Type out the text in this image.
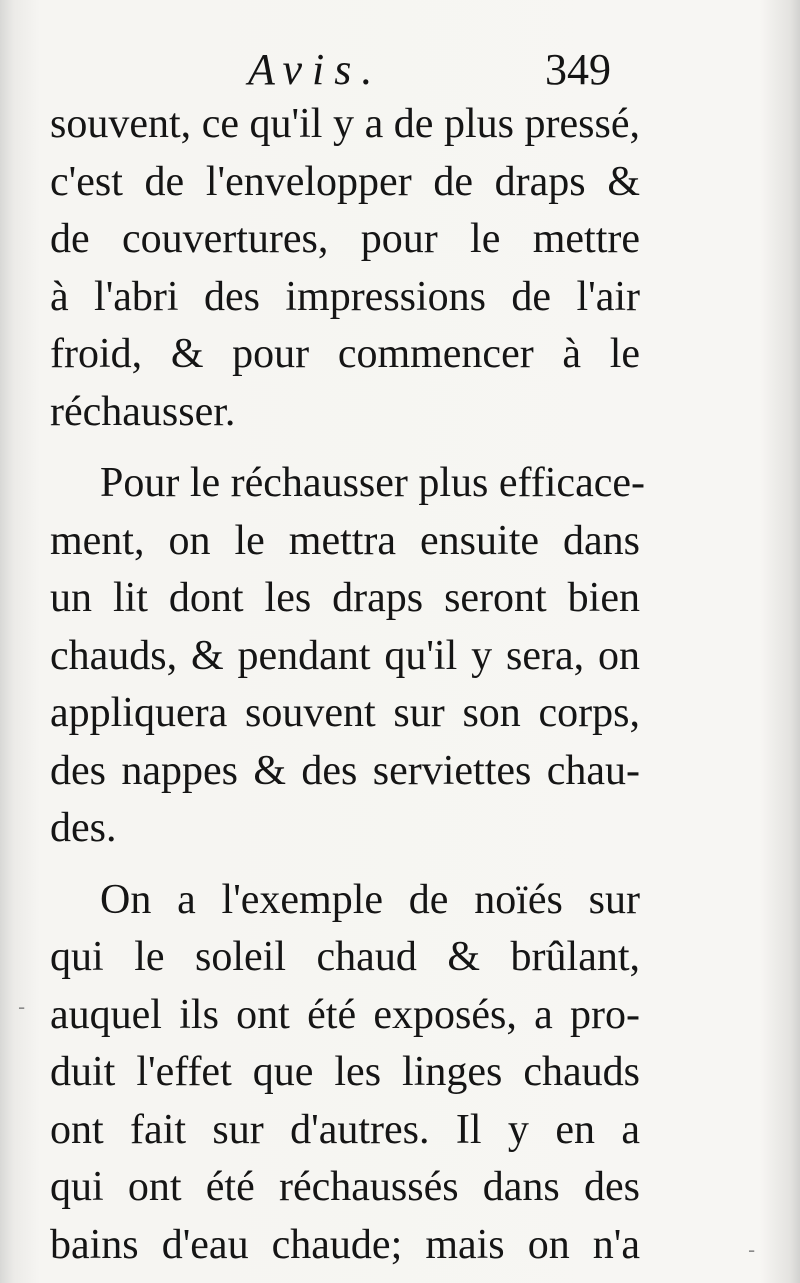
Avis.	349
souvent, ce qu'il y a de plus pressé,
c'est de l'envelopper de draps &
de couvertures, pour le mettre
à l'abri des impressions de l'air
froid, & pour commencer à le
réchausser.
Pour le réchausser plus efficace-
ment, on le mettra ensuite dans
un lit dont les draps seront bien
chauds, & pendant qu'il y sera, on
appliquera souvent sur son corps,
des nappes & des serviettes chau-
des.
On a l'exemple de noïés sur
qui le soleil chaud & brûlant,
auquel ils ont été exposés, a pro-
duit l'effet que les linges chauds
ont fait sur d'autres. Il y en a
qui ont été réchaussés dans des
bains d'eau chaude; mais on n'a	-
-
